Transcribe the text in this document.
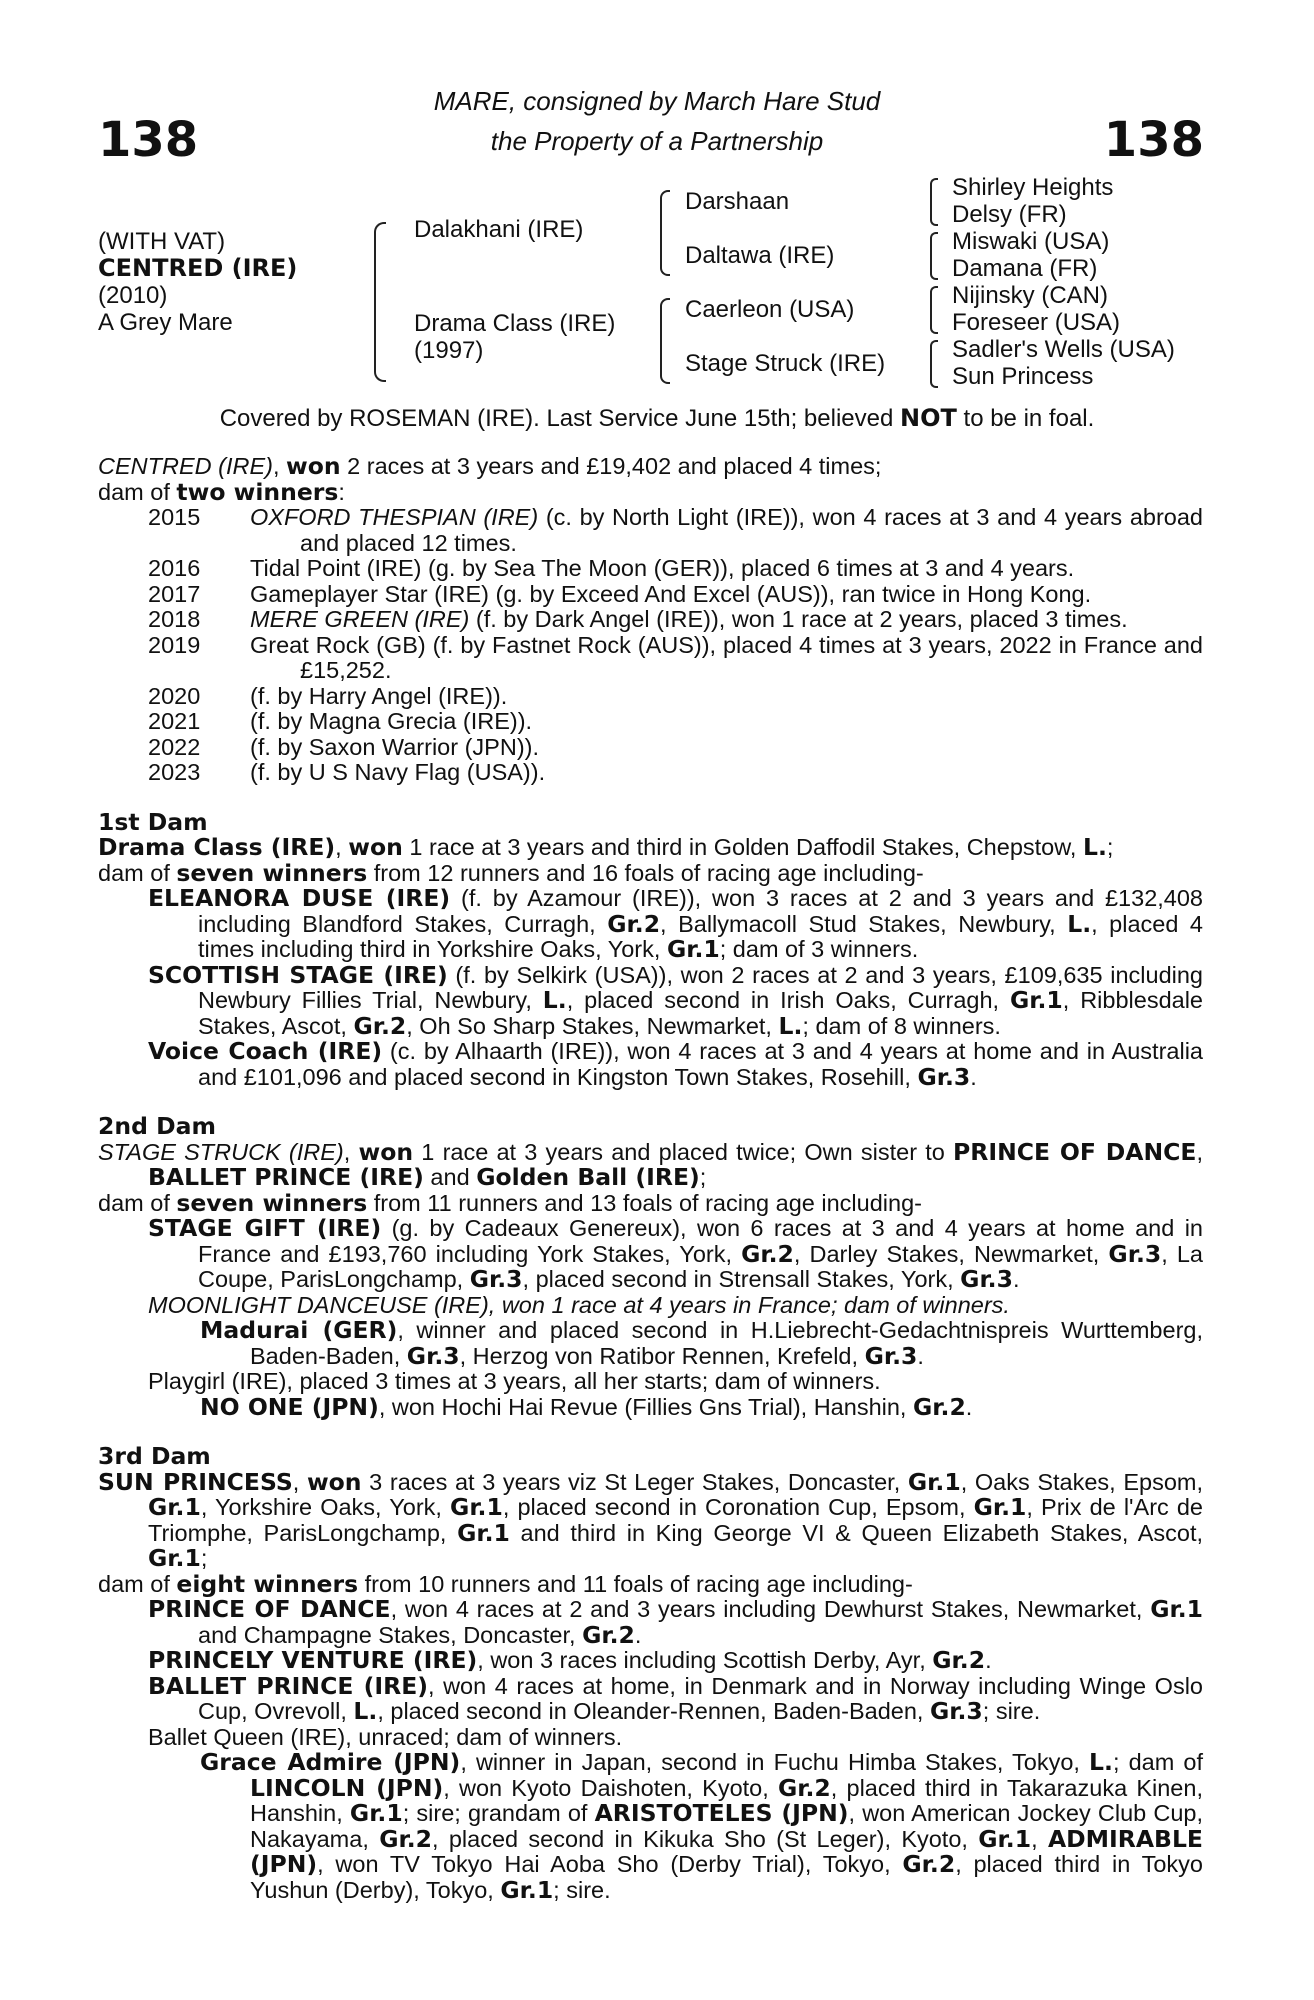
138	138
MARE, consigned by March Hare Stud
the Property of a Partnership
(WITH VAT)
CENTRED (IRE)
(2010)
A Grey Mare
Dalakhani (IRE)
Drama Class (IRE)
(1997)
Darshaan
Daltawa (IRE)
Caerleon (USA)
Stage Struck (IRE)
Shirley Heights
Delsy (FR)
Miswaki (USA)
Damana (FR)
Nijinsky (CAN)
Foreseer (USA)
Sadler's Wells (USA)
Sun Princess
Covered by ROSEMAN (IRE). Last Service June 15th; believed NOT to be in foal.

CENTRED (IRE), won 2 races at 3 years and £19,402 and placed 4 times;

dam of two winners:

2015	OXFORD THESPIAN (IRE) (c. by North Light (IRE)), won 4 races at 3 and 4 years abroad and placed 12 times.
2016	Tidal Point (IRE) (g. by Sea The Moon (GER)), placed 6 times at 3 and 4 years.
2017	Gameplayer Star (IRE) (g. by Exceed And Excel (AUS)), ran twice in Hong Kong.
2018	MERE GREEN (IRE) (f. by Dark Angel (IRE)), won 1 race at 2 years, placed 3 times.
2019	Great Rock (GB) (f. by Fastnet Rock (AUS)), placed 4 times at 3 years, 2022 in France and £15,252.
2020	(f. by Harry Angel (IRE)).
2021	(f. by Magna Grecia (IRE)).
2022	(f. by Saxon Warrior (JPN)).
2023	(f. by U S Navy Flag (USA)).

1st Dam

Drama Class (IRE), won 1 race at 3 years and third in Golden Daffodil Stakes, Chepstow, L.;

dam of seven winners from 12 runners and 16 foals of racing age including-

ELEANORA DUSE (IRE) (f. by Azamour (IRE)), won 3 races at 2 and 3 years and £132,408 including Blandford Stakes, Curragh, Gr.2, Ballymacoll Stud Stakes, Newbury, L., placed 4 times including third in Yorkshire Oaks, York, Gr.1; dam of 3 winners.

SCOTTISH STAGE (IRE) (f. by Selkirk (USA)), won 2 races at 2 and 3 years, £109,635 including Newbury Fillies Trial, Newbury, L., placed second in Irish Oaks, Curragh, Gr.1, Ribblesdale Stakes, Ascot, Gr.2, Oh So Sharp Stakes, Newmarket, L.; dam of 8 winners.

Voice Coach (IRE) (c. by Alhaarth (IRE)), won 4 races at 3 and 4 years at home and in Australia and £101,096 and placed second in Kingston Town Stakes, Rosehill, Gr.3.

2nd Dam

STAGE STRUCK (IRE), won 1 race at 3 years and placed twice; Own sister to PRINCE OF DANCE, BALLET PRINCE (IRE) and Golden Ball (IRE);

dam of seven winners from 11 runners and 13 foals of racing age including-

STAGE GIFT (IRE) (g. by Cadeaux Genereux), won 6 races at 3 and 4 years at home and in France and £193,760 including York Stakes, York, Gr.2, Darley Stakes, Newmarket, Gr.3, La Coupe, ParisLongchamp, Gr.3, placed second in Strensall Stakes, York, Gr.3.

MOONLIGHT DANCEUSE (IRE), won 1 race at 4 years in France; dam of winners.

Madurai (GER), winner and placed second in H.Liebrecht-Gedachtnispreis Wurttemberg, Baden-Baden, Gr.3, Herzog von Ratibor Rennen, Krefeld, Gr.3.

Playgirl (IRE), placed 3 times at 3 years, all her starts; dam of winners.

NO ONE (JPN), won Hochi Hai Revue (Fillies Gns Trial), Hanshin, Gr.2.

3rd Dam

SUN PRINCESS, won 3 races at 3 years viz St Leger Stakes, Doncaster, Gr.1, Oaks Stakes, Epsom, Gr.1, Yorkshire Oaks, York, Gr.1, placed second in Coronation Cup, Epsom, Gr.1, Prix de l'Arc de Triomphe, ParisLongchamp, Gr.1 and third in King George VI & Queen Elizabeth Stakes, Ascot, Gr.1;

dam of eight winners from 10 runners and 11 foals of racing age including-

PRINCE OF DANCE, won 4 races at 2 and 3 years including Dewhurst Stakes, Newmarket, Gr.1 and Champagne Stakes, Doncaster, Gr.2.

PRINCELY VENTURE (IRE), won 3 races including Scottish Derby, Ayr, Gr.2.

BALLET PRINCE (IRE), won 4 races at home, in Denmark and in Norway including Winge Oslo Cup, Ovrevoll, L., placed second in Oleander-Rennen, Baden-Baden, Gr.3; sire.

Ballet Queen (IRE), unraced; dam of winners.

Grace Admire (JPN), winner in Japan, second in Fuchu Himba Stakes, Tokyo, L.; dam of LINCOLN (JPN), won Kyoto Daishoten, Kyoto, Gr.2, placed third in Takarazuka Kinen, Hanshin, Gr.1; sire; grandam of ARISTOTELES (JPN), won American Jockey Club Cup, Nakayama, Gr.2, placed second in Kikuka Sho (St Leger), Kyoto, Gr.1, ADMIRABLE (JPN), won TV Tokyo Hai Aoba Sho (Derby Trial), Tokyo, Gr.2, placed third in Tokyo Yushun (Derby), Tokyo, Gr.1; sire.
